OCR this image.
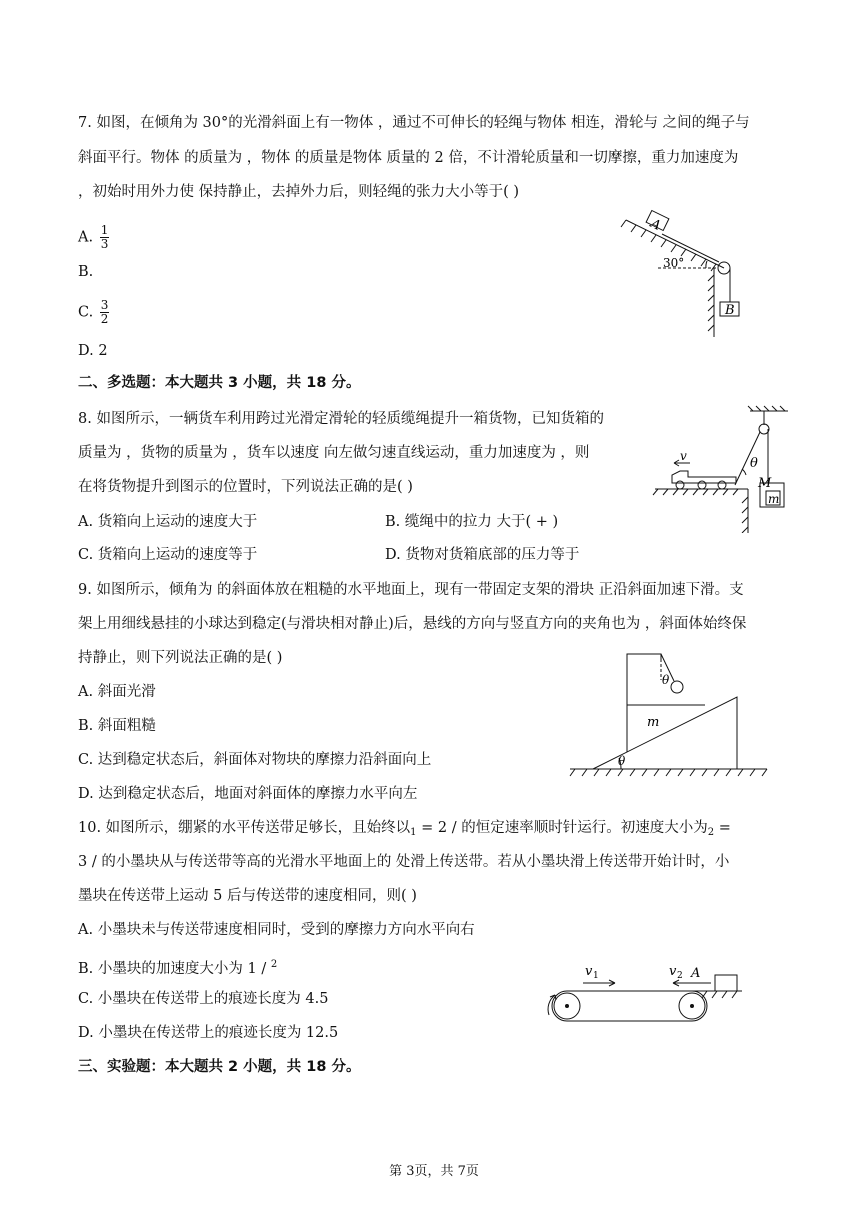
7. 如图，在倾角为 30°的光滑斜面上有一物体 ，通过不可伸长的轻绳与物体 相连，滑轮与 之间的绳子与
斜面平行。物体 的质量为 ，物体 的质量是物体 质量的 2 倍，不计滑轮质量和一切摩擦，重力加速度为
，初始时用外力使 保持静止，去掉外力后，则轻绳的张力大小等于( )
A. $\frac{1}{3}$
B.
C. $\frac{3}{2}$
D. 2
A
B
30°
二、多选题：本大题共 3 小题，共 18 分。
8. 如图所示，一辆货车利用跨过光滑定滑轮的轻质缆绳提升一箱货物，已知货箱的
质量为 ，货物的质量为 ，货车以速度 向左做匀速直线运动，重力加速度为 ，则
在将货物提升到图示的位置时，下列说法正确的是( )
A. 货箱向上运动的速度大于	B. 缆绳中的拉力 大于( + )
C. 货箱向上运动的速度等于	D. 货物对货箱底部的压力等于
v	θ
M
m
9. 如图所示，倾角为 的斜面体放在粗糙的水平地面上，现有一带固定支架的滑块 正沿斜面加速下滑。支
架上用细线悬挂的小球达到稳定(与滑块相对静止)后，悬线的方向与竖直方向的夹角也为 ，斜面体始终保
持静止，则下列说法正确的是( )
A. 斜面光滑
B. 斜面粗糙
C. 达到稳定状态后，斜面体对物块的摩擦力沿斜面向上
D. 达到稳定状态后，地面对斜面体的摩擦力水平向左
θ
m
θ
10. 如图所示，绷紧的水平传送带足够长，且始终以$_1$ = 2 / 的恒定速率顺时针运行。初速度大小为$_2$ =
3 / 的小墨块从与传送带等高的光滑水平地面上的 处滑上传送带。若从小墨块滑上传送带开始计时，小
墨块在传送带上运动 5 后与传送带的速度相同，则( )
A. 小墨块未与传送带速度相同时，受到的摩擦力方向水平向右
B. 小墨块的加速度大小为 1 / $^2$
C. 小墨块在传送带上的痕迹长度为 4.5
D. 小墨块在传送带上的痕迹长度为 12.5
v 1	v 2 A
三、实验题：本大题共 2 小题，共 18 分。
第 3页，共 7页
